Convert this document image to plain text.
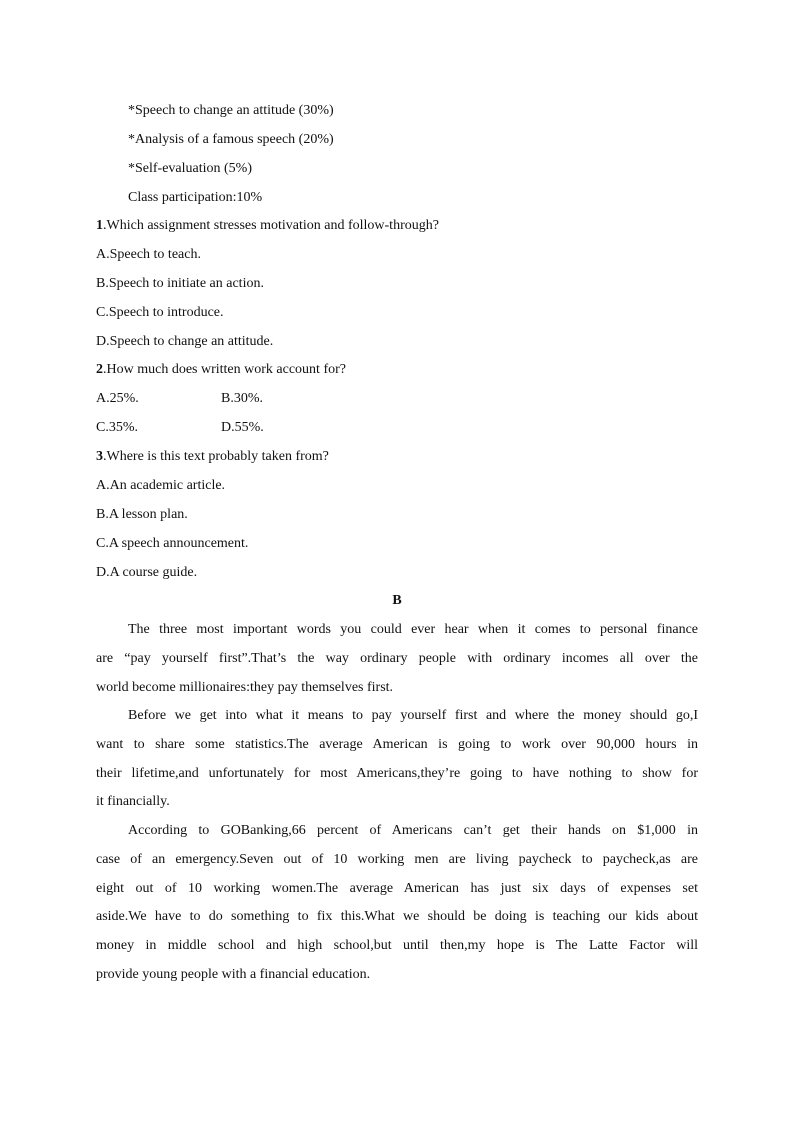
*Speech to change an attitude (30%)
*Analysis of a famous speech (20%)
*Self-evaluation (5%)
Class participation:10%
1.Which assignment stresses motivation and follow-through?
A.Speech to teach.
B.Speech to initiate an action.
C.Speech to introduce.
D.Speech to change an attitude.
2.How much does written work account for?
A.25%.	B.30%.
C.35%.	D.55%.
3.Where is this text probably taken from?
A.An academic article.
B.A lesson plan.
C.A speech announcement.
D.A course guide.
B
The three most important words you could ever hear when it comes to personal finance
are “pay yourself first”.That’s the way ordinary people with ordinary incomes all over the
world become millionaires:they pay themselves first.
Before we get into what it means to pay yourself first and where the money should go,I
want to share some statistics.The average American is going to work over 90,000 hours in
their lifetime,and unfortunately for most Americans,they’re going to have nothing to show for
it financially.
According to GOBanking,66 percent of Americans can’t get their hands on $1,000 in
case of an emergency.Seven out of 10 working men are living paycheck to paycheck,as are
eight out of 10 working women.The average American has just six days of expenses set
aside.We have to do something to fix this.What we should be doing is teaching our kids about
money in middle school and high school,but until then,my hope is The Latte Factor will
provide young people with a financial education.
